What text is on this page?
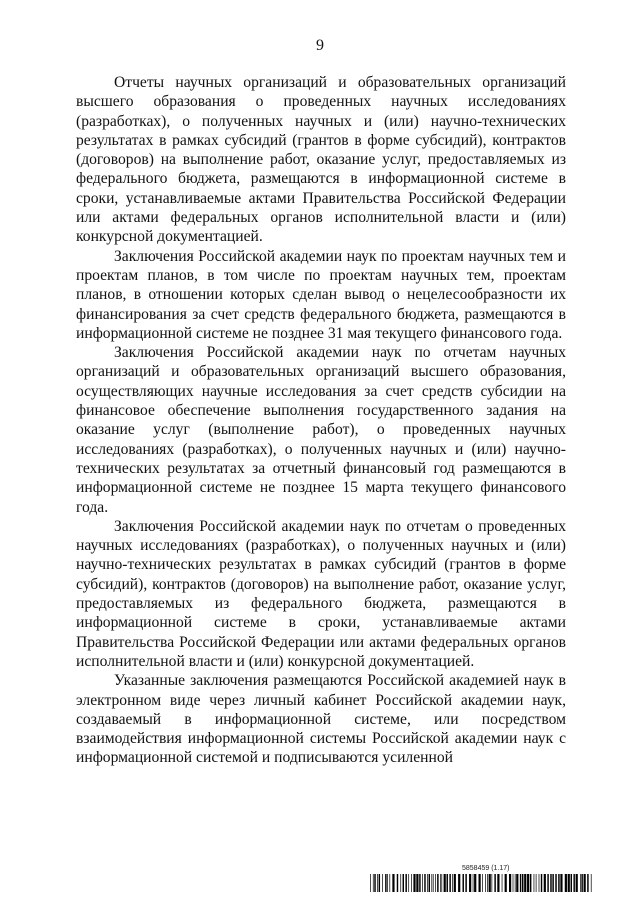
9

Отчеты научных организаций и образовательных организаций высшего образования о проведенных научных исследованиях (разработках), о полученных научных и (или) научно-технических результатах в рамках субсидий (грантов в форме субсидий), контрактов (договоров) на выполнение работ, оказание услуг, предоставляемых из федерального бюджета, размещаются в информационной системе в сроки, устанавливаемые актами Правительства Российской Федерации или актами федеральных органов исполнительной власти и (или) конкурсной документацией.

Заключения Российской академии наук по проектам научных тем и проектам планов, в том числе по проектам научных тем, проектам планов, в отношении которых сделан вывод о нецелесообразности их финансирования за счет средств федерального бюджета, размещаются в информационной системе не позднее 31 мая текущего финансового года.

Заключения Российской академии наук по отчетам научных организаций и образовательных организаций высшего образования, осуществляющих научные исследования за счет средств субсидии на финансовое обеспечение выполнения государственного задания на оказание услуг (выполнение работ), о проведенных научных исследованиях (разработках), о полученных научных и (или) научно-технических результатах за отчетный финансовый год размещаются в информационной системе не позднее 15 марта текущего финансового года.

Заключения Российской академии наук по отчетам о проведенных научных исследованиях (разработках), о полученных научных и (или) научно-технических результатах в рамках субсидий (грантов в форме субсидий), контрактов (договоров) на выполнение работ, оказание услуг, предоставляемых из федерального бюджета, размещаются в информационной системе в сроки, устанавливаемые актами Правительства Российской Федерации или актами федеральных органов исполнительной власти и (или) конкурсной документацией.

Указанные заключения размещаются Российской академией наук в электронном виде через личный кабинет Российской академии наук, создаваемый в информационной системе, или посредством взаимодействия информационной системы Российской академии наук с информационной системой и подписываются усиленной

5858459 (1.17)
